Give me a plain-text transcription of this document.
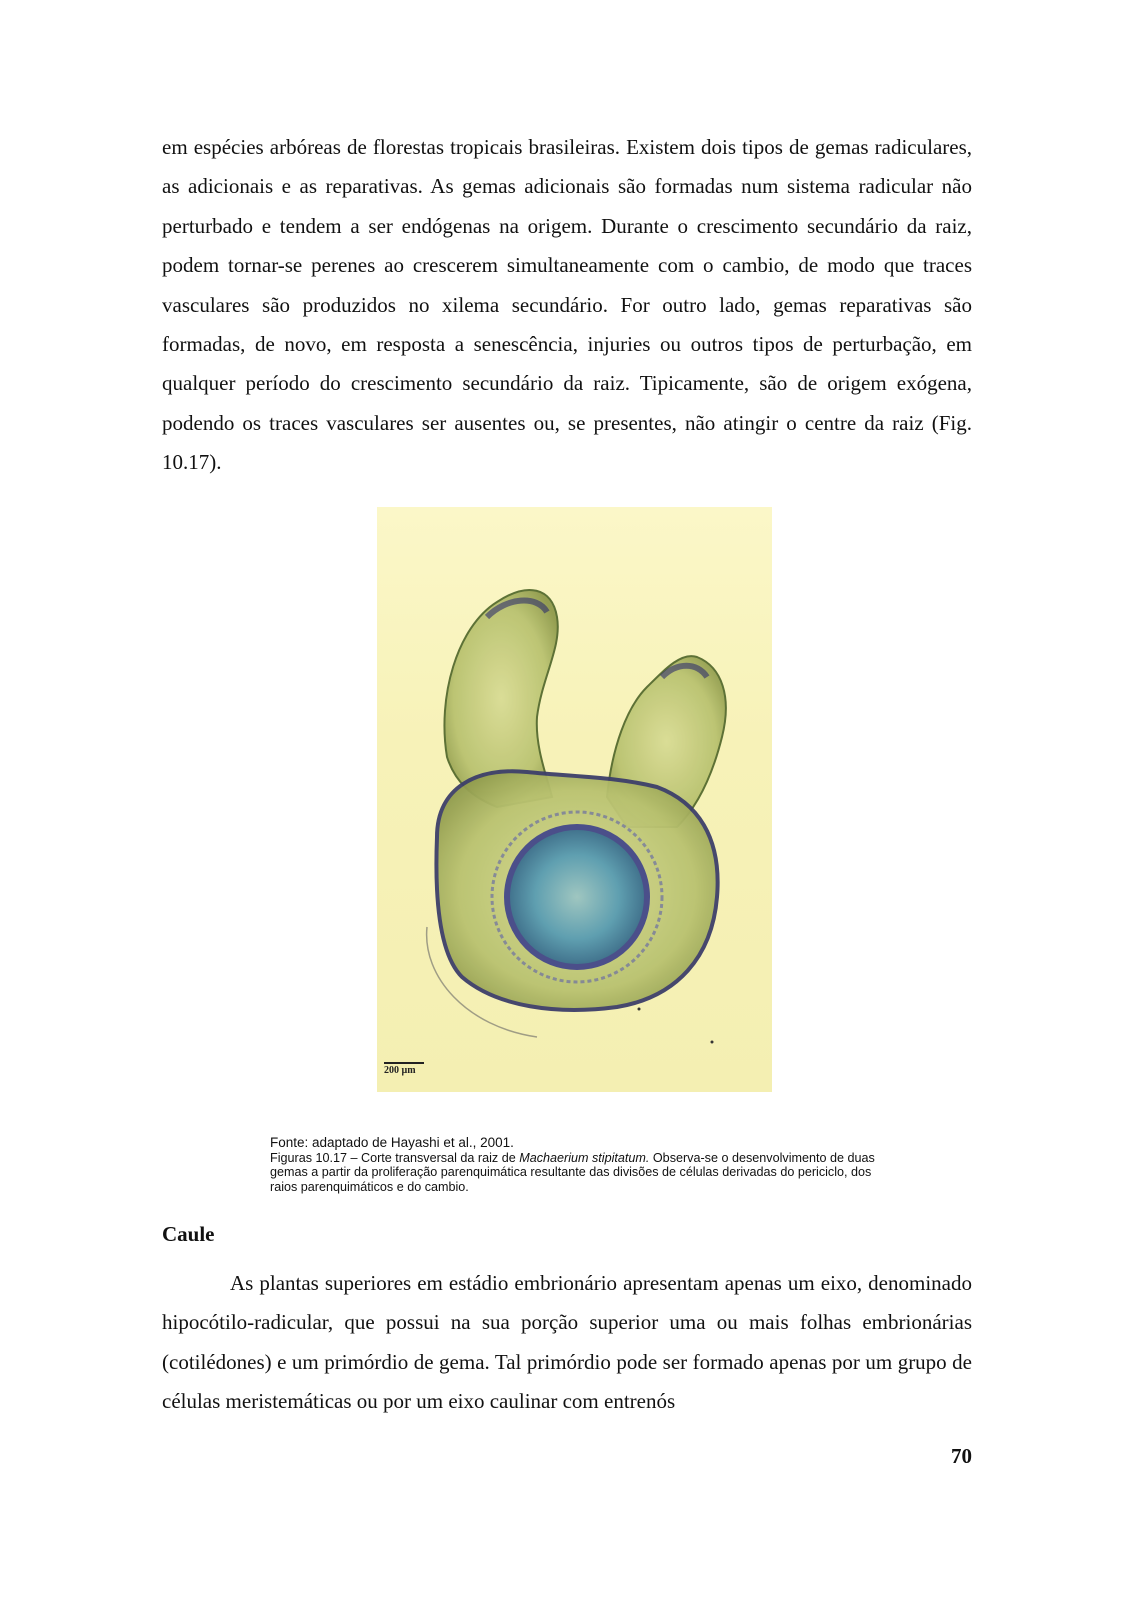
em espécies arbóreas de florestas tropicais brasileiras. Existem dois tipos de gemas radiculares, as adicionais e as reparativas. As gemas adicionais são formadas num sistema radicular não perturbado e tendem a ser endógenas na origem. Durante o crescimento secundário da raiz, podem tornar-se perenes ao crescerem simultaneamente com o cambio, de modo que traces vasculares são produzidos no xilema secundário. For outro lado, gemas reparativas são formadas, de novo, em resposta a senescência, injuries ou outros tipos de perturbação, em qualquer período do crescimento secundário da raiz. Tipicamente, são de origem exógena, podendo os traces vasculares ser ausentes ou, se presentes, não atingir o centre da raiz (Fig. 10.17).

200 µm
Fonte: adaptado de Hayashi et al., 2001.
Figuras 10.17 – Corte transversal da raiz de Machaerium stipitatum. Observa-se o desenvolvimento de duas gemas a partir da proliferação parenquimática resultante das divisões de células derivadas do periciclo, dos raios parenquimáticos e do cambio.
Caule

As plantas superiores em estádio embrionário apresentam apenas um eixo, denominado hipocótilo-radicular, que possui na sua porção superior uma ou mais folhas embrionárias (cotilédones) e um primórdio de gema. Tal primórdio pode ser formado apenas por um grupo de células meristemáticas ou por um eixo caulinar com entrenós

70
